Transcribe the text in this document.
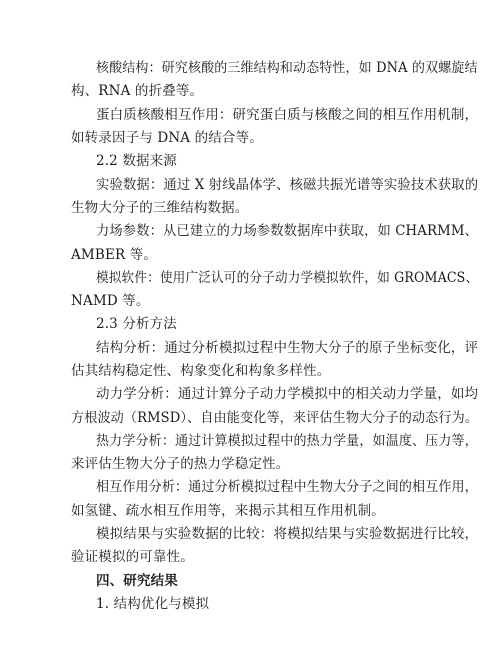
核酸结构：研究核酸的三维结构和动态特性，如 DNA 的双螺旋结
构、RNA 的折叠等。
蛋白质核酸相互作用：研究蛋白质与核酸之间的相互作用机制，
如转录因子与 DNA 的结合等。
2.2 数据来源
实验数据：通过 X 射线晶体学、核磁共振光谱等实验技术获取的
生物大分子的三维结构数据。
力场参数：从已建立的力场参数数据库中获取，如 CHARMM、
AMBER 等。
模拟软件：使用广泛认可的分子动力学模拟软件，如 GROMACS、
NAMD 等。
2.3 分析方法
结构分析：通过分析模拟过程中生物大分子的原子坐标变化，评
估其结构稳定性、构象变化和构象多样性。
动力学分析：通过计算分子动力学模拟中的相关动力学量，如均
方根波动（RMSD）、自由能变化等，来评估生物大分子的动态行为。
热力学分析：通过计算模拟过程中的热力学量，如温度、压力等，
来评估生物大分子的热力学稳定性。
相互作用分析：通过分析模拟过程中生物大分子之间的相互作用，
如氢键、疏水相互作用等，来揭示其相互作用机制。
模拟结果与实验数据的比较：将模拟结果与实验数据进行比较，
验证模拟的可靠性。
四、研究结果
1. 结构优化与模拟
